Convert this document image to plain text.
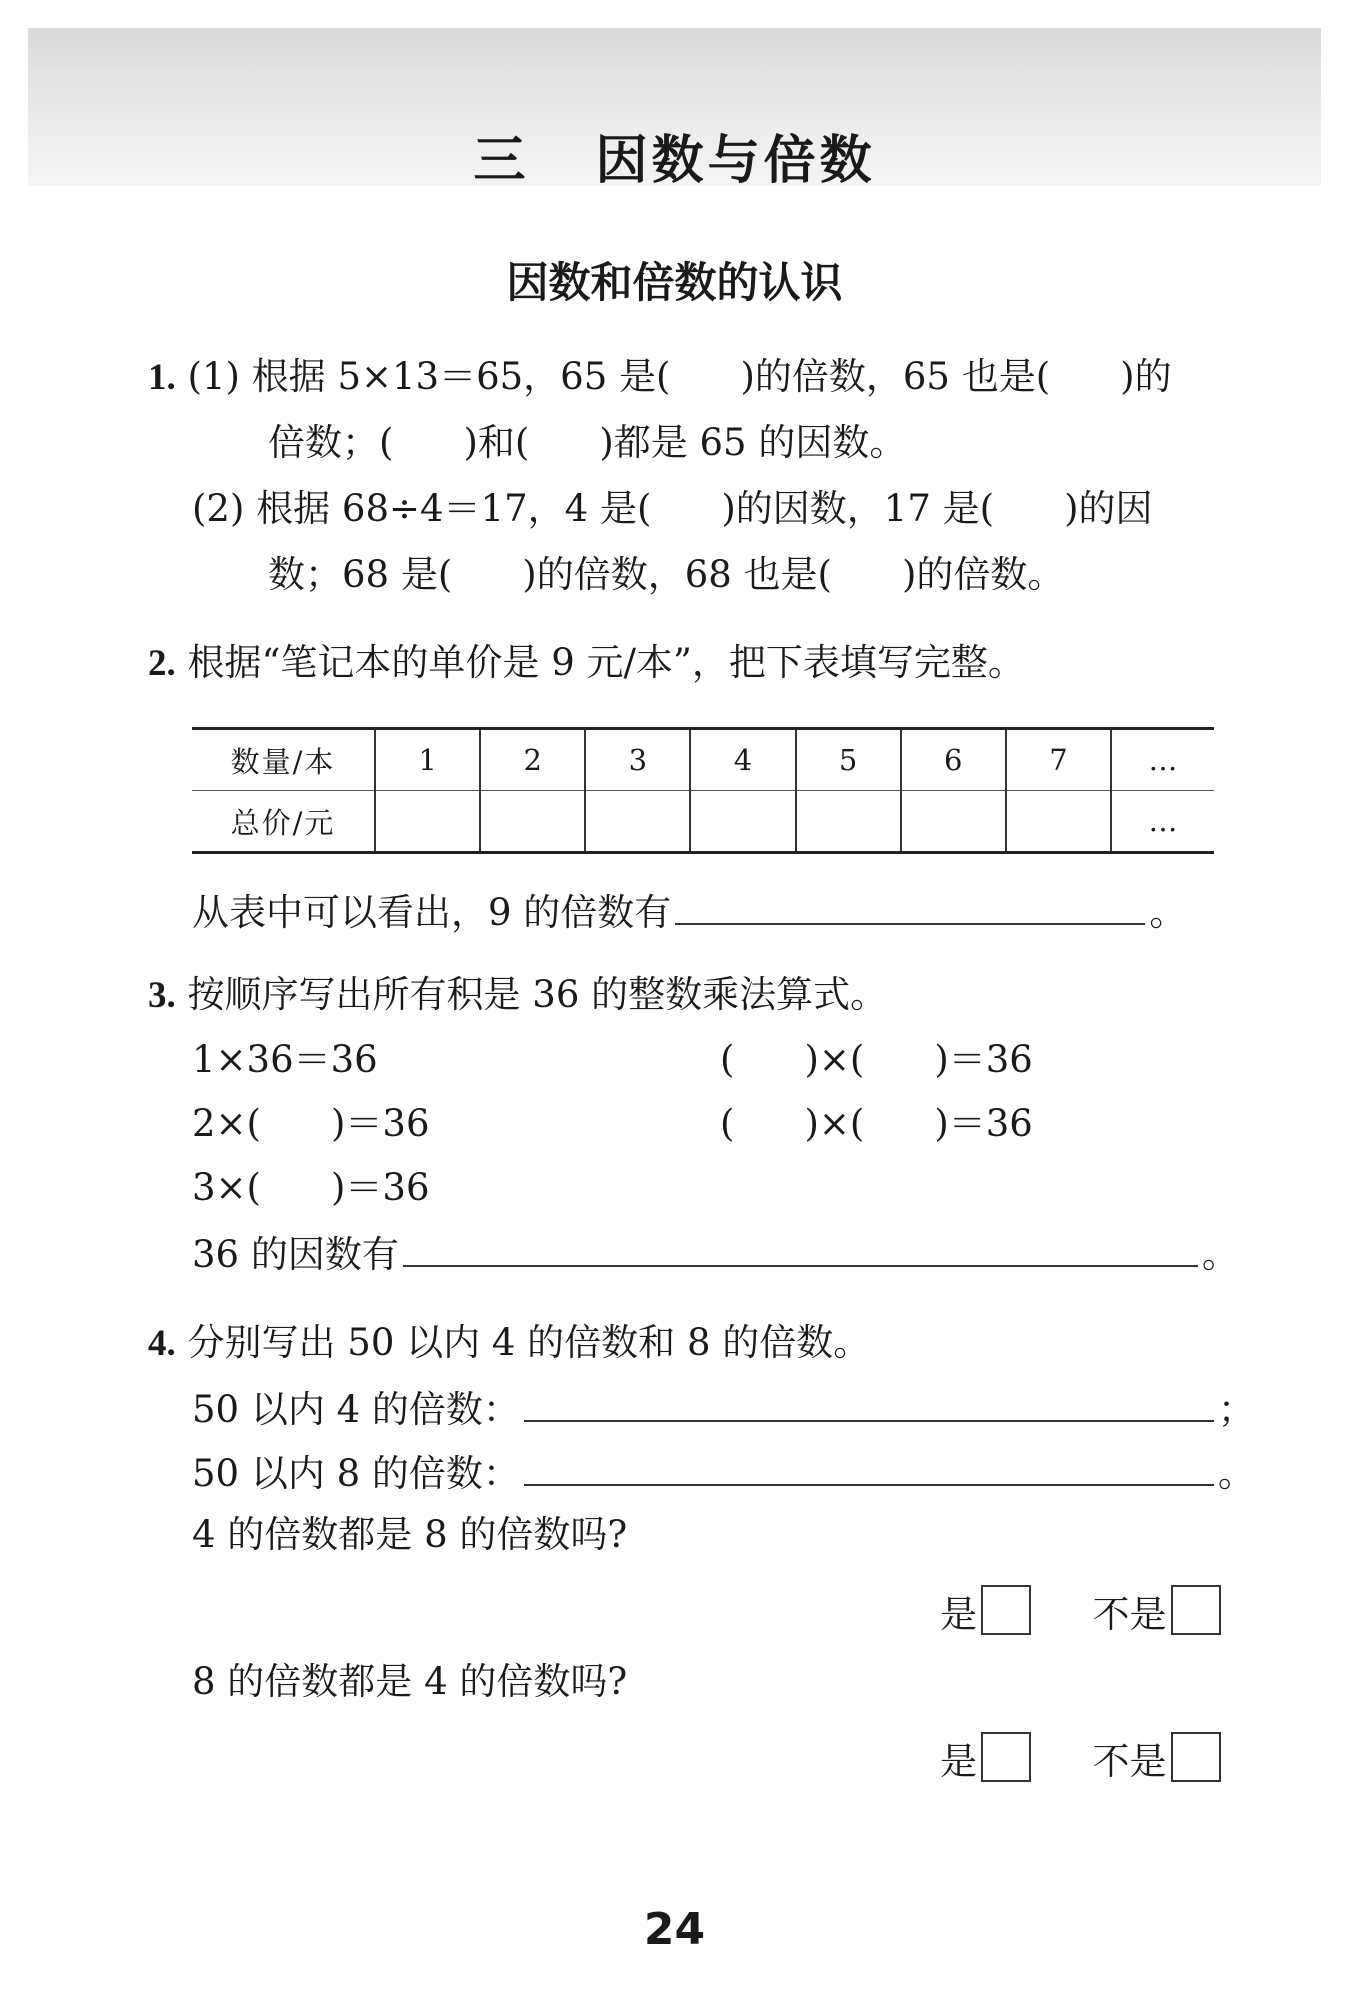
三   因数与倍数
因数和倍数的认识
1. (1) 根据 5×13＝65，65 是( )的倍数，65 也是( )的
倍数；( )和( )都是 65 的因数。
(2) 根据 68÷4＝17，4 是( )的因数，17 是( )的因
数；68 是( )的倍数，68 也是( )的倍数。
2. 根据“笔记本的单价是 9 元/本”，把下表填写完整。
数量/本	1	2	3	4	5	6	7	…
总价/元								…
从表中可以看出，9 的倍数有	。
3. 按顺序写出所有积是 36 的整数乘法算式。
1×36＝36
2×( )＝36
3×( )＝36
( )×( )＝36
( )×( )＝36
36 的因数有	。
4. 分别写出 50 以内 4 的倍数和 8 的倍数。
50 以内 4 的倍数：	；
50 以内 8 的倍数：	。
4 的倍数都是 8 的倍数吗?
是	不是
8 的倍数都是 4 的倍数吗?
是	不是
24
